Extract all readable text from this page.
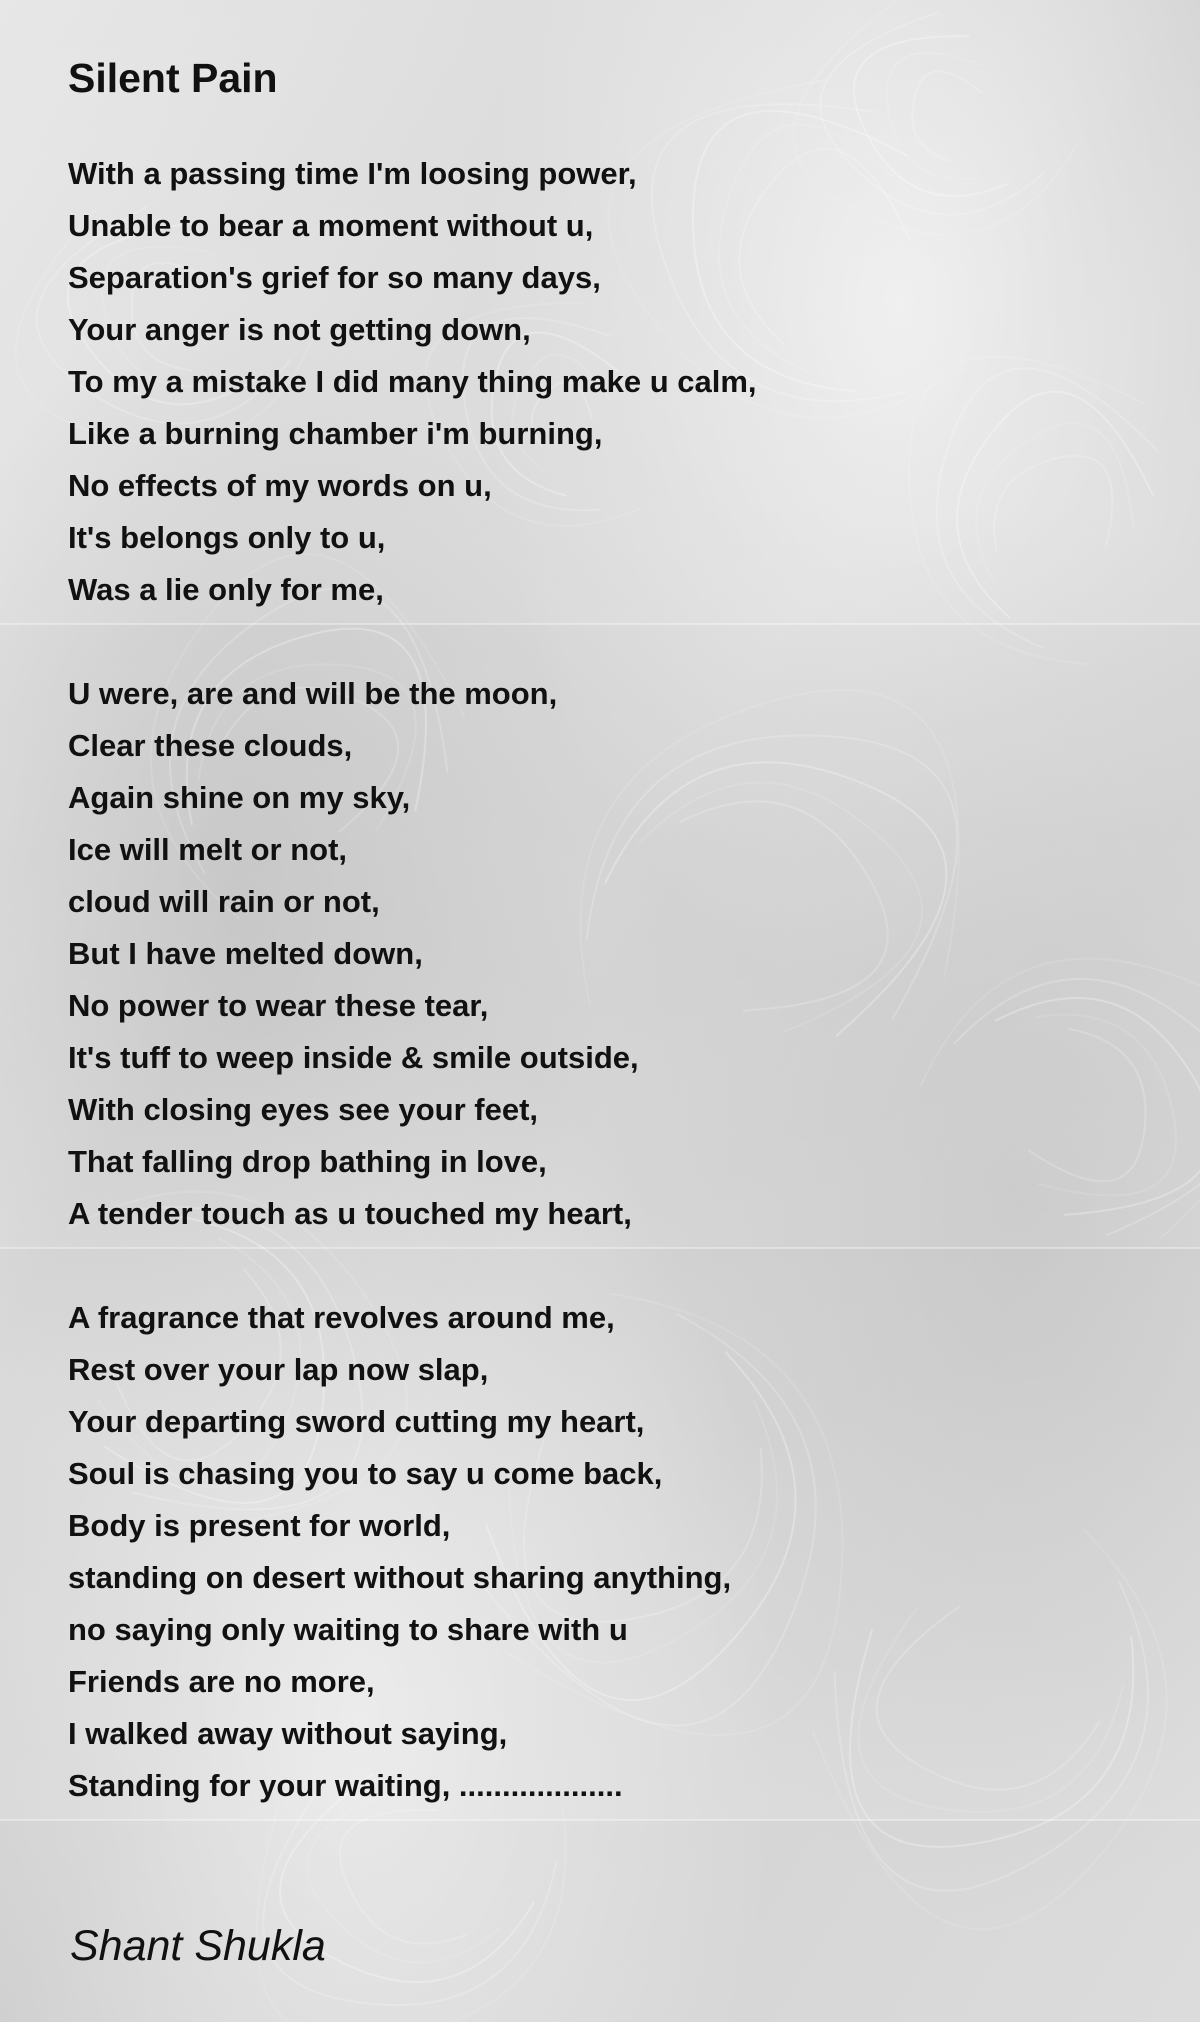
Silent Pain
With a passing time I'm loosing power,
Unable to bear a moment without u,
Separation's grief for so many days,
Your anger is not getting down,
To my a mistake I did many thing make u calm,
Like a burning chamber i'm burning,
No effects of my words on u,
It's belongs only to u,
Was a lie only for me,
U were, are and will be the moon,
Clear these clouds,
Again shine on my sky,
Ice will melt or not,
cloud will rain or not,
But I have melted down,
No power to wear these tear,
It's tuff to weep inside & smile outside,
With closing eyes see your feet,
That falling drop bathing in love,
A tender touch as u touched my heart,
A fragrance that revolves around me,
Rest over your lap now slap,
Your departing sword cutting my heart,
Soul is chasing you to say u come back,
Body is present for world,
standing on desert without sharing anything,
no saying only waiting to share with u
Friends are no more,
I walked away without saying,
Standing for your waiting, ...................
Shant Shukla
